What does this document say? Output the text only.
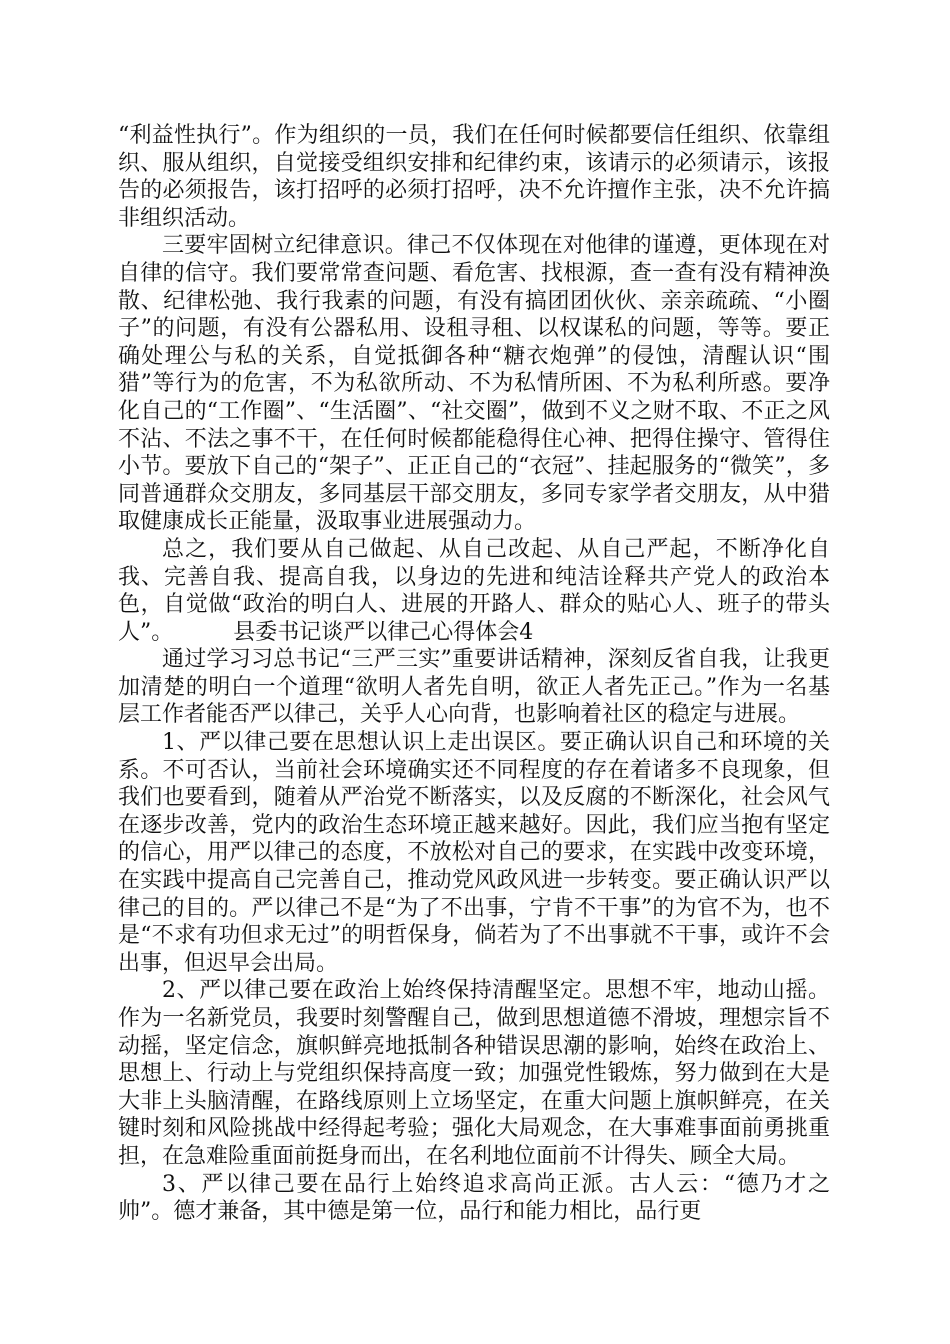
“利益性执行”。作为组织的一员，我们在任何时候都要信任组织、依靠组织、服从组织，自觉接受组织安排和纪律约束，该请示的必须请示，该报告的必须报告，该打招呼的必须打招呼，决不允许擅作主张，决不允许搞非组织活动。

三要牢固树立纪律意识。律己不仅体现在对他律的谨遵，更体现在对自律的信守。我们要常常查问题、看危害、找根源，查一查有没有精神涣散、纪律松弛、我行我素的问题，有没有搞团团伙伙、亲亲疏疏、“小圈子”的问题，有没有公器私用、设租寻租、以权谋私的问题，等等。要正确处理公与私的关系，自觉抵御各种“糖衣炮弹”的侵蚀，清醒认识“围猎”等行为的危害，不为私欲所动、不为私情所困、不为私利所惑。要净化自己的“工作圈”、“生活圈”、“社交圈”，做到不义之财不取、不正之风不沾、不法之事不干，在任何时候都能稳得住心神、把得住操守、管得住小节。要放下自己的“架子”、正正自己的“衣冠”、挂起服务的“微笑”，多同普通群众交朋友，多同基层干部交朋友，多同专家学者交朋友，从中猎取健康成长正能量，汲取事业进展强动力。

总之，我们要从自己做起、从自己改起、从自己严起，不断净化自我、完善自我、提高自我，以身边的先进和纯洁诠释共产党人的政治本色，自觉做“政治的明白人、进展的开路人、群众的贴心人、班子的带头人”。	县委书记谈严以律己心得体会4

通过学习习总书记“三严三实”重要讲话精神，深刻反省自我，让我更加清楚的明白一个道理“欲明人者先自明，欲正人者先正己。”作为一名基层工作者能否严以律己，关乎人心向背，也影响着社区的稳定与进展。

1、严以律己要在思想认识上走出误区。要正确认识自己和环境的关系。不可否认，当前社会环境确实还不同程度的存在着诸多不良现象，但我们也要看到，随着从严治党不断落实，以及反腐的不断深化，社会风气在逐步改善，党内的政治生态环境正越来越好。因此，我们应当抱有坚定的信心，用严以律己的态度，不放松对自己的要求，在实践中改变环境，在实践中提高自己完善自己，推动党风政风进一步转变。要正确认识严以律己的目的。严以律己不是“为了不出事，宁肯不干事”的为官不为，也不是“不求有功但求无过”的明哲保身，倘若为了不出事就不干事，或许不会出事，但迟早会出局。

2、严以律己要在政治上始终保持清醒坚定。思想不牢，地动山摇。作为一名新党员，我要时刻警醒自己，做到思想道德不滑坡，理想宗旨不动摇，坚定信念，旗帜鲜亮地抵制各种错误思潮的影响，始终在政治上、思想上、行动上与党组织保持高度一致；加强党性锻炼，努力做到在大是大非上头脑清醒，在路线原则上立场坚定，在重大问题上旗帜鲜亮，在关键时刻和风险挑战中经得起考验；强化大局观念，在大事难事面前勇挑重担，在急难险重面前挺身而出，在名利地位面前不计得失、顾全大局。

3、严以律己要在品行上始终追求高尚正派。古人云：“德乃才之帅”。德才兼备，其中德是第一位，品行和能力相比，品行更
